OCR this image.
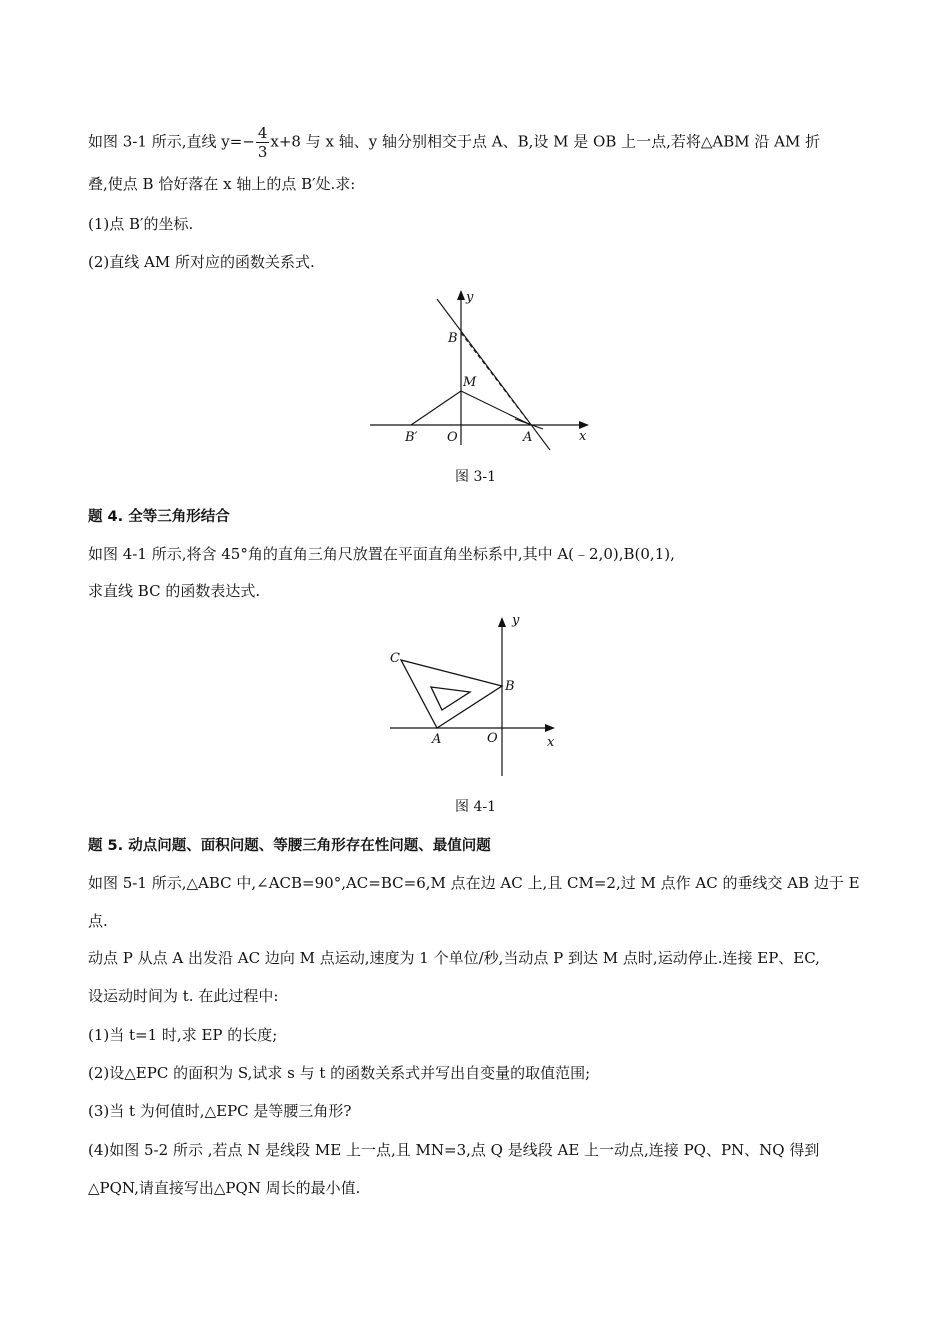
如图 3-1 所示,直线 $y=- \frac{4}{3} x+8$ 与 x 轴、y 轴分别相交于点 A、B,设 M 是 OB 上一点,若将△ABM 沿 AM 折
叠,使点 B 恰好落在 x 轴上的点 B′处.求:
(1)点 B′的坐标.
(2)直线 AM 所对应的函数关系式.
y
x
B
M
B′ O	A
图 3-1
题 4. 全等三角形结合
如图 4-1 所示,将含 45°角的直角三角尺放置在平面直角坐标系中,其中 A(﹣2,0),B(0,1),
求直线 BC 的函数表达式.
y
x
C
B
A	O
图 4-1
题 5. 动点问题、面积问题、等腰三角形存在性问题、最值问题
如图 5-1 所示,△ABC 中,∠ACB=90°,AC=BC=6,M 点在边 AC 上,且 CM=2,过 M 点作 AC 的垂线交 AB 边于 E
点.
动点 P 从点 A 出发沿 AC 边向 M 点运动,速度为 1 个单位/秒,当动点 P 到达 M 点时,运动停止.连接 EP、EC,
设运动时间为 t. 在此过程中:
(1)当 t=1 时,求 EP 的长度;
(2)设△EPC 的面积为 S,试求 s 与 t 的函数关系式并写出自变量的取值范围;
(3)当 t 为何值时,△EPC 是等腰三角形?
(4)如图 5-2 所示 ,若点 N 是线段 ME 上一点,且 MN=3,点 Q 是线段 AE 上一动点,连接 PQ、PN、NQ 得到
△PQN,请直接写出△PQN 周长的最小值.
